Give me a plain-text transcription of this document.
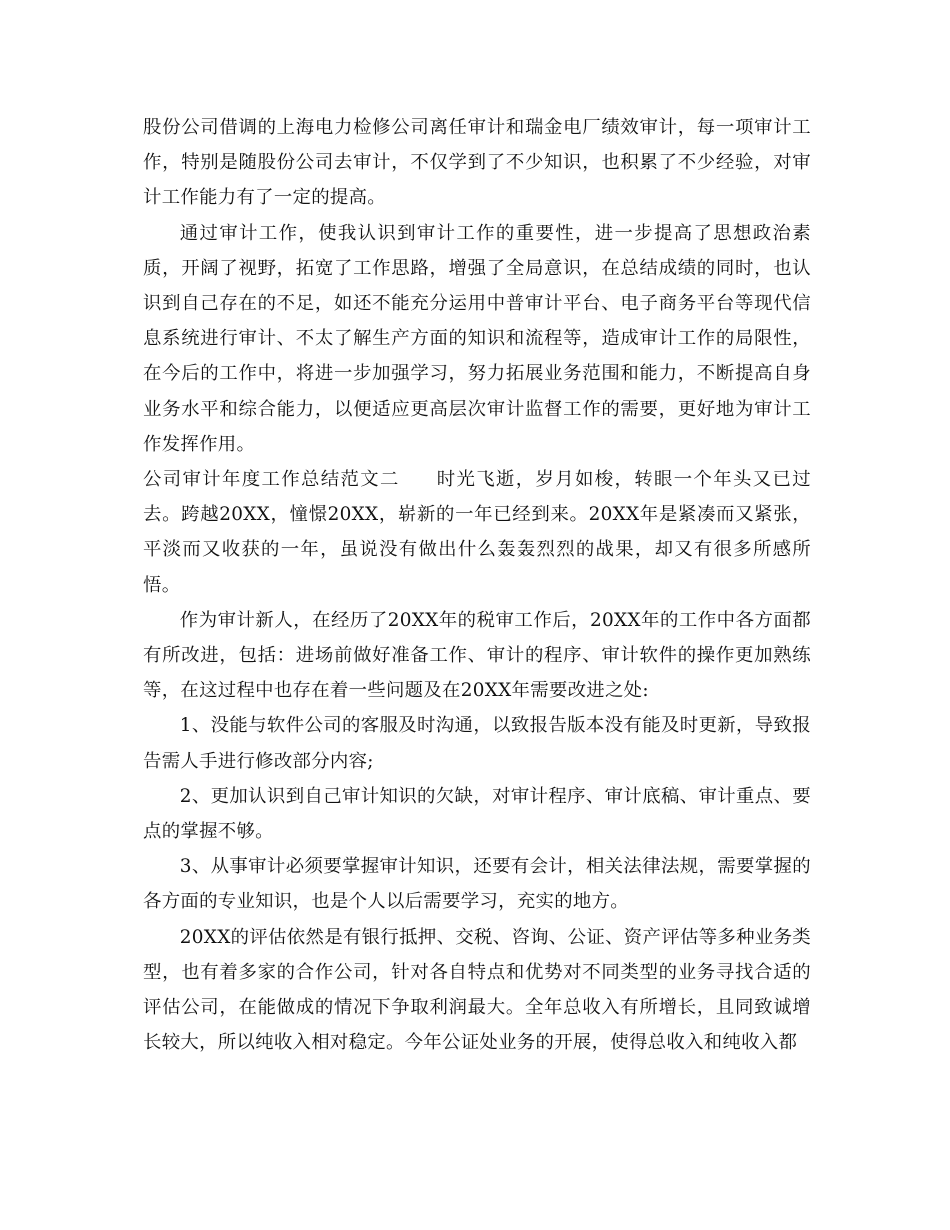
股份公司借调的上海电力检修公司离任审计和瑞金电厂绩效审计，每一项审计工作，特别是随股份公司去审计，不仅学到了不少知识，也积累了不少经验，对审计工作能力有了一定的提高。

通过审计工作，使我认识到审计工作的重要性，进一步提高了思想政治素质，开阔了视野，拓宽了工作思路，增强了全局意识，在总结成绩的同时，也认识到自己存在的不足，如还不能充分运用中普审计平台、电子商务平台等现代信息系统进行审计、不太了解生产方面的知识和流程等，造成审计工作的局限性，在今后的工作中，将进一步加强学习，努力拓展业务范围和能力，不断提高自身业务水平和综合能力，以便适应更高层次审计监督工作的需要，更好地为审计工作发挥作用。

公司审计年度工作总结范文二 时光飞逝，岁月如梭，转眼一个年头又已过去。跨越20XX，憧憬20XX，崭新的一年已经到来。20XX年是紧凑而又紧张，平淡而又收获的一年，虽说没有做出什么轰轰烈烈的战果，却又有很多所感所悟。

作为审计新人，在经历了20XX年的税审工作后，20XX年的工作中各方面都有所改进，包括：进场前做好准备工作、审计的程序、审计软件的操作更加熟练等，在这过程中也存在着一些问题及在20XX年需要改进之处:

1、没能与软件公司的客服及时沟通，以致报告版本没有能及时更新，导致报告需人手进行修改部分内容;

2、更加认识到自己审计知识的欠缺，对审计程序、审计底稿、审计重点、要点的掌握不够。

3、从事审计必须要掌握审计知识，还要有会计，相关法律法规，需要掌握的各方面的专业知识，也是个人以后需要学习，充实的地方。

20XX的评估依然是有银行抵押、交税、咨询、公证、资产评估等多种业务类型，也有着多家的合作公司，针对各自特点和优势对不同类型的业务寻找合适的评估公司，在能做成的情况下争取利润最大。全年总收入有所增长，且同致诚增长较大，所以纯收入相对稳定。今年公证处业务的开展，使得总收入和纯收入都
